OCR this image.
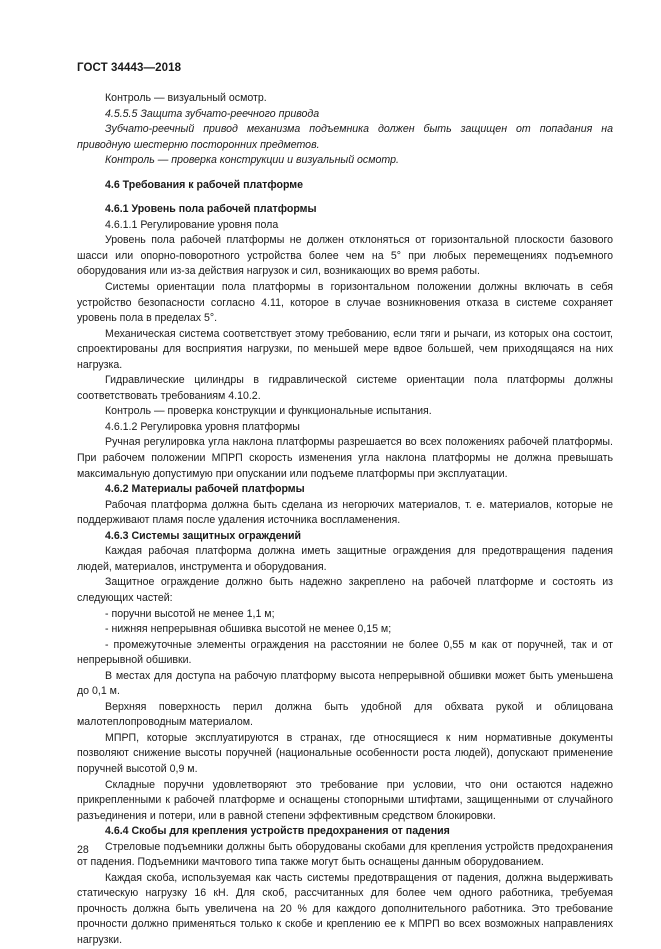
ГОСТ 34443—2018

Контроль — визуальный осмотр.

4.5.5.5 Защита зубчато-реечного привода

Зубчато-реечный привод механизма подъемника должен быть защищен от попадания на приводную шестерню посторонних предметов.

Контроль — проверка конструкции и визуальный осмотр.

4.6 Требования к рабочей платформе

4.6.1 Уровень пола рабочей платформы

4.6.1.1 Регулирование уровня пола

Уровень пола рабочей платформы не должен отклоняться от горизонтальной плоскости базового шасси или опорно-поворотного устройства более чем на 5° при любых перемещениях подъемного оборудования или из-за действия нагрузок и сил, возникающих во время работы.

Системы ориентации пола платформы в горизонтальном положении должны включать в себя устройство безопасности согласно 4.11, которое в случае возникновения отказа в системе сохраняет уровень пола в пределах 5°.

Механическая система соответствует этому требованию, если тяги и рычаги, из которых она состоит, спроектированы для восприятия нагрузки, по меньшей мере вдвое большей, чем приходящаяся на них нагрузка.

Гидравлические цилиндры в гидравлической системе ориентации пола платформы должны соответствовать требованиям 4.10.2.

Контроль — проверка конструкции и функциональные испытания.

4.6.1.2 Регулировка уровня платформы

Ручная регулировка угла наклона платформы разрешается во всех положениях рабочей платформы. При рабочем положении МПРП скорость изменения угла наклона платформы не должна превышать максимальную допустимую при опускании или подъеме платформы при эксплуатации.

4.6.2 Материалы рабочей платформы

Рабочая платформа должна быть сделана из негорючих материалов, т. е. материалов, которые не поддерживают пламя после удаления источника воспламенения.

4.6.3 Системы защитных ограждений

Каждая рабочая платформа должна иметь защитные ограждения для предотвращения падения людей, материалов, инструмента и оборудования.

Защитное ограждение должно быть надежно закреплено на рабочей платформе и состоять из следующих частей:

- поручни высотой не менее 1,1 м;

- нижняя непрерывная обшивка высотой не менее 0,15 м;

- промежуточные элементы ограждения на расстоянии не более 0,55 м как от поручней, так и от непрерывной обшивки.

В местах для доступа на рабочую платформу высота непрерывной обшивки может быть уменьшена до 0,1 м.

Верхняя поверхность перил должна быть удобной для обхвата рукой и облицована малотеплопроводным материалом.

МПРП, которые эксплуатируются в странах, где относящиеся к ним нормативные документы позволяют снижение высоты поручней (национальные особенности роста людей), допускают применение поручней высотой 0,9 м.

Складные поручни удовлетворяют это требование при условии, что они остаются надежно прикрепленными к рабочей платформе и оснащены стопорными штифтами, защищенными от случайного разъединения и потери, или в равной степени эффективным средством блокировки.

4.6.4 Скобы для крепления устройств предохранения от падения

Стреловые подъемники должны быть оборудованы скобами для крепления устройств предохранения от падения. Подъемники мачтового типа также могут быть оснащены данным оборудованием.

Каждая скоба, используемая как часть системы предотвращения от падения, должна выдерживать статическую нагрузку 16 кН. Для скоб, рассчитанных для более чем одного работника, требуемая прочность должна быть увеличена на 20 % для каждого дополнительного работника. Это требование прочности должно применяться только к скобе и креплению ее к МПРП во всех возможных направлениях нагрузки.

28
